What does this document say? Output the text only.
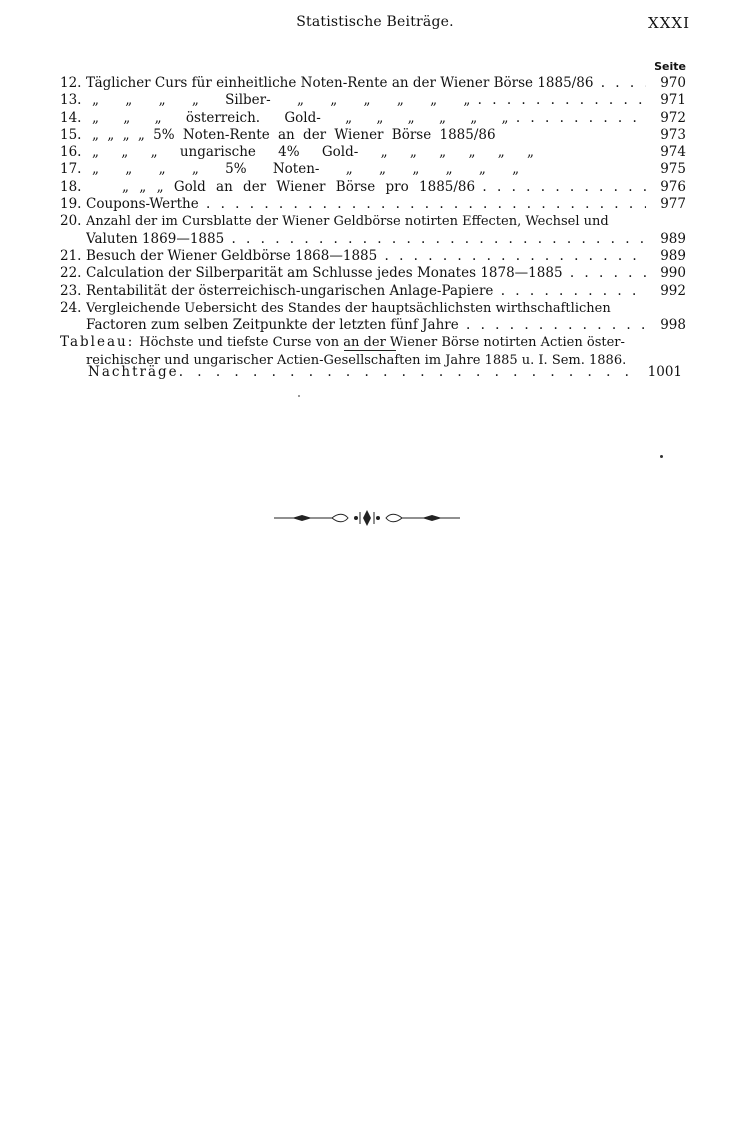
Statistische Beiträge.	XXXI
Seite
12. Täglicher Curs für einheitliche Noten-Rente an der Wiener Börse 1885/86 . . .	970
13. „ „ „ „ Silber- „ „ „ „ „ „ . . .	971
14. „ „ „ österreich. Gold- „ „ „ „ „ „ . . .	972
15. „ „ „ „ 5% Noten-Rente an der Wiener Börse 1885/86	973
16. „ „ „ ungarische 4% Gold- „ „ „ „ „ „	974
17. „ „ „ „ 5% Noten- „ „ „ „ „ „	975
18.	„ „ „ Gold an der Wiener Börse pro 1885/86 . . .	976
19. Coupons-Werthe . . .	977
20. Anzahl der im Cursblatte der Wiener Geldbörse notirten Effecten, Wechsel und
Valuten 1869—1885 . . .	989
21. Besuch der Wiener Geldbörse 1868—1885 . . .	989
22. Calculation der Silberparität am Schlusse jedes Monates 1878—1885 . . .	990
23. Rentabilität der österreichisch-ungarischen Anlage-Papiere . . .	992
24. Vergleichende Uebersicht des Standes der hauptsächlichsten wirthschaftlichen
Factoren zum selben Zeitpunkte der letzten fünf Jahre . . .	998
Tableau: Höchste und tiefste Curse von an der Wiener Börse notirten Actien öster-
reichischer und ungarischer Actien-Gesellschaften im Jahre 1885 u. I. Sem. 1886.
Nachträge . . .	1001
